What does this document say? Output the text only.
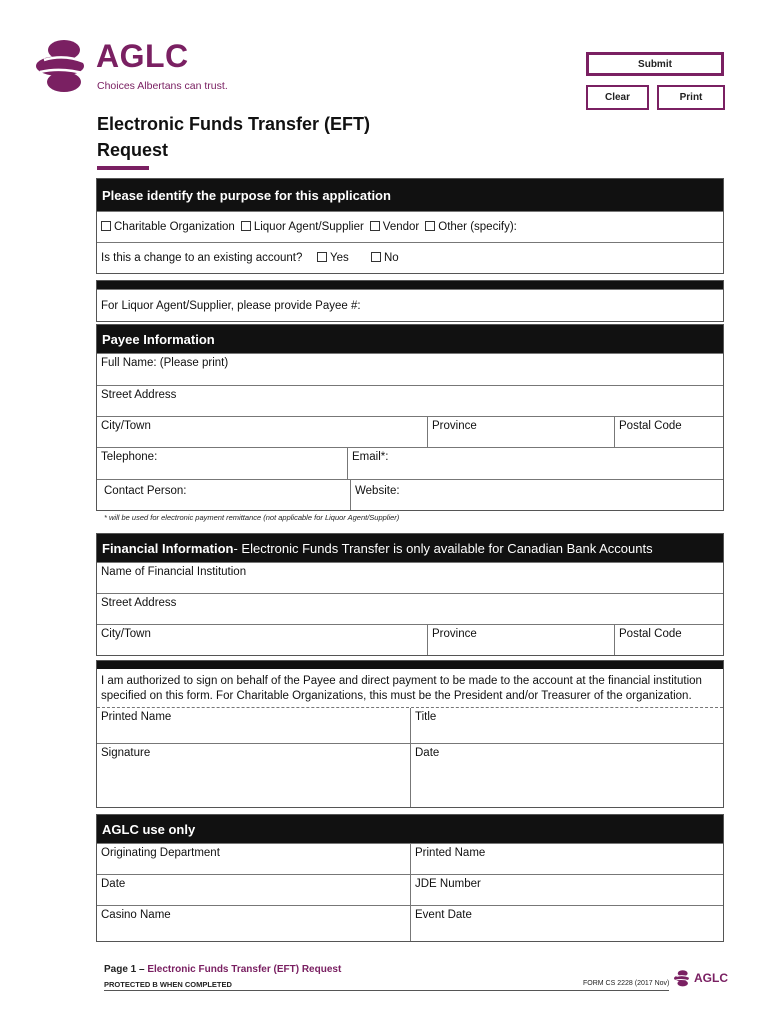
AGLC
Choices Albertans can trust.
Submit
Clear	Print
Electronic Funds Transfer (EFT)
Request
Please identify the purpose for this application
Charitable Organization	Liquor Agent/Supplier	Vendor	Other (specify):
Is this a change to an existing account?	Yes	No
For Liquor Agent/Supplier, please provide Payee #:
Payee Information
Full Name: (Please print)
Street Address
City/Town	Province	Postal Code
Telephone:	Email*:
Contact Person:	Website:
* will be used for electronic payment remittance (not applicable for Liquor Agent/Supplier)
Financial Information - Electronic Funds Transfer is only available for Canadian Bank Accounts
Name of Financial Institution
Street Address
City/Town	Province	Postal Code
I am authorized to sign on behalf of the Payee and direct payment to be made to the account at the financial institution specified on this form. For Charitable Organizations, this must be the President and/or Treasurer of the organization.
Printed Name	Title
Signature	Date
AGLC use only
Originating Department	Printed Name
Date	JDE Number
Casino Name	Event Date
Page 1 – Electronic Funds Transfer (EFT) Request
PROTECTED B WHEN COMPLETED	FORM CS 2228 (2017 Nov) AGLC
